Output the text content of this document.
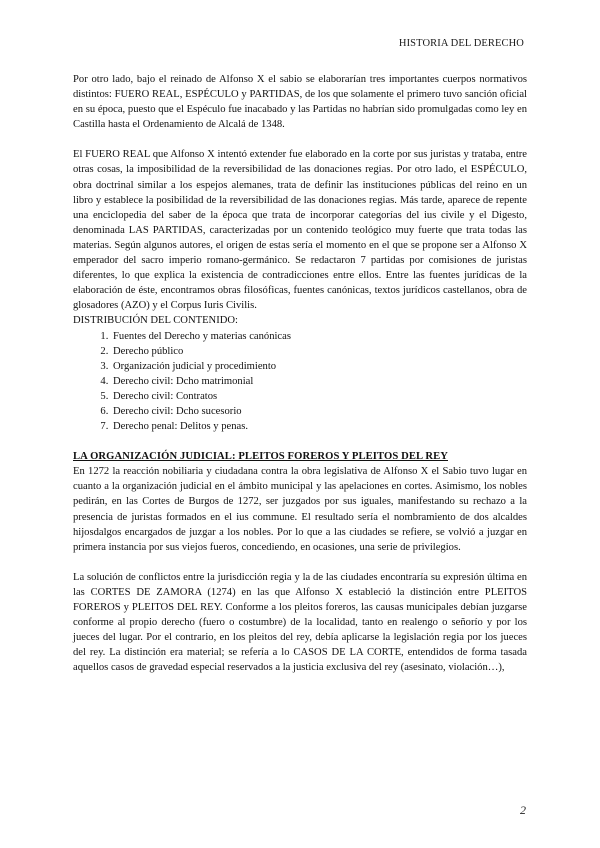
HISTORIA DEL DERECHO

Por otro lado, bajo el reinado de Alfonso X el sabio se elaborarían tres importantes cuerpos normativos distintos: FUERO REAL, ESPÉCULO y PARTIDAS, de los que solamente el primero tuvo sanción oficial en su época, puesto que el Espéculo fue inacabado y las Partidas no habrían sido promulgadas como ley en Castilla hasta el Ordenamiento de Alcalá de 1348.

El FUERO REAL que Alfonso X intentó extender fue elaborado en la corte por sus juristas y trataba, entre otras cosas, la imposibilidad de la reversibilidad de las donaciones regias. Por otro lado, el ESPÉCULO, obra doctrinal similar a los espejos alemanes, trata de definir las instituciones públicas del reino en un libro y establece la posibilidad de la reversibilidad de las donaciones regias. Más tarde, aparece de repente una enciclopedia del saber de la época que trata de incorporar categorías del ius civile y el Digesto, denominada LAS PARTIDAS, caracterizadas por un contenido teológico muy fuerte que trata todas las materias. Según algunos autores, el origen de estas sería el momento en el que se propone ser a Alfonso X emperador del sacro imperio romano-germánico. Se redactaron 7 partidas por comisiones de juristas diferentes, lo que explica la existencia de contradicciones entre ellos. Entre las fuentes jurídicas de la elaboración de éste, encontramos obras filosóficas, fuentes canónicas, textos jurídicos castellanos, obra de glosadores (AZO) y el Corpus Iuris Civilis.

DISTRIBUCIÓN DEL CONTENIDO:

1. Fuentes del Derecho y materias canónicas
2. Derecho público
3. Organización judicial y procedimiento
4. Derecho civil: Dcho matrimonial
5. Derecho civil: Contratos
6. Derecho civil: Dcho sucesorio
7. Derecho penal: Delitos y penas.

LA ORGANIZACIÓN JUDICIAL: PLEITOS FOREROS Y PLEITOS DEL REY

En 1272 la reacción nobiliaria y ciudadana contra la obra legislativa de Alfonso X el Sabio tuvo lugar en cuanto a la organización judicial en el ámbito municipal y las apelaciones en cortes. Asimismo, los nobles pedirán, en las Cortes de Burgos de 1272, ser juzgados por sus iguales, manifestando su rechazo a la presencia de juristas formados en el ius commune. El resultado sería el nombramiento de dos alcaldes hijosdalgos encargados de juzgar a los nobles. Por lo que a las ciudades se refiere, se volvió a juzgar en primera instancia por sus viejos fueros, concediendo, en ocasiones, una serie de privilegios.

La solución de conflictos entre la jurisdicción regia y la de las ciudades encontraría su expresión última en las CORTES DE ZAMORA (1274) en las que Alfonso X estableció la distinción entre PLEITOS FOREROS y PLEITOS DEL REY. Conforme a los pleitos foreros, las causas municipales debían juzgarse conforme al propio derecho (fuero o costumbre) de la localidad, tanto en realengo o señorío y por los jueces del lugar. Por el contrario, en los pleitos del rey, debía aplicarse la legislación regia por los jueces del rey. La distinción era material; se refería a lo CASOS DE LA CORTE, entendidos de forma tasada aquellos casos de gravedad especial reservados a la justicia exclusiva del rey (asesinato, violación…),

2
